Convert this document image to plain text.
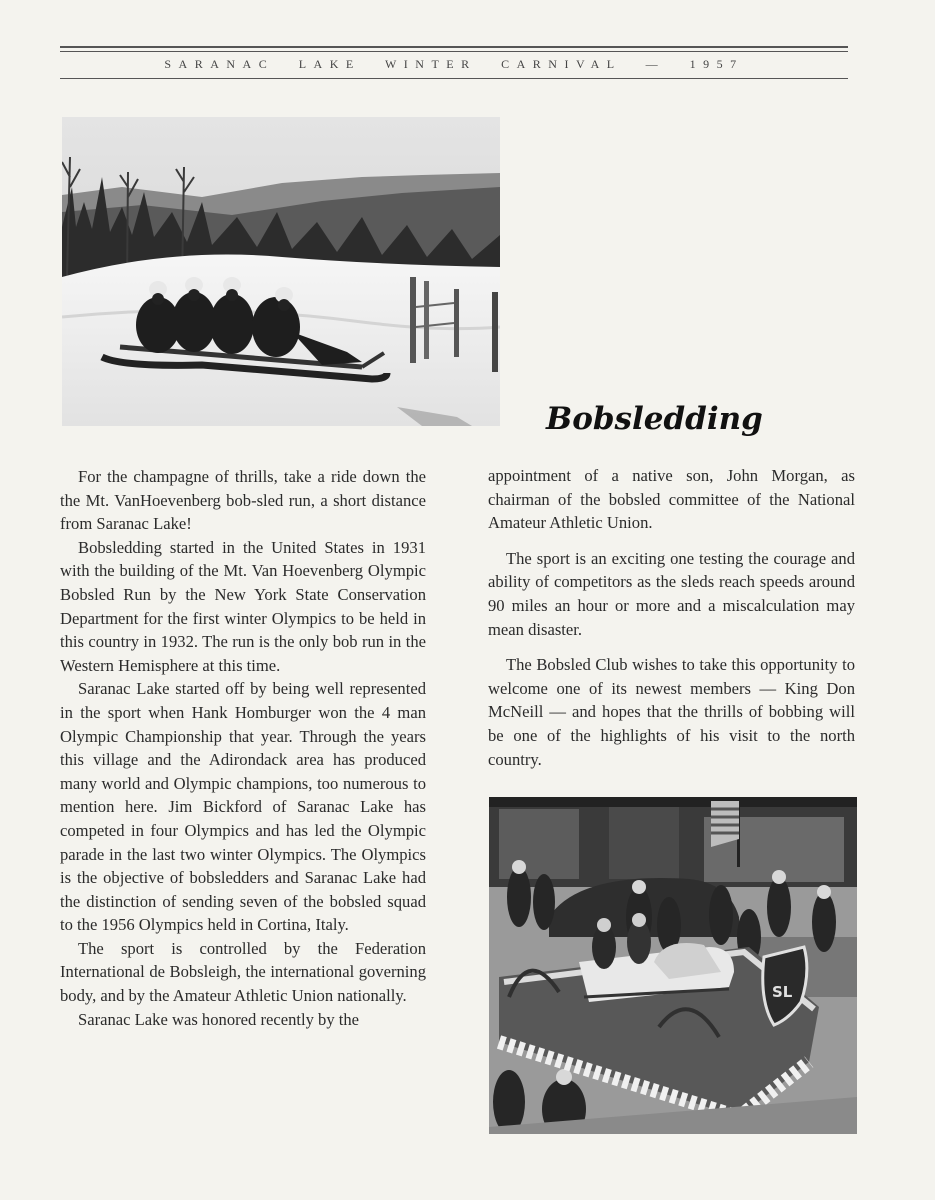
SARANAC LAKE WINTER CARNIVAL — 1957
Bobsledding

For the champagne of thrills, take a ride down the the Mt. VanHoevenberg bob-sled run, a short distance from Saranac Lake!

Bobsledding started in the United States in 1931 with the building of the Mt. Van Hoevenberg Olympic Bobsled Run by the New York State Conservation Department for the first winter Olympics to be held in this country in 1932. The run is the only bob run in the Western Hemisphere at this time.

Saranac Lake started off by being well represented in the sport when Hank Homburger won the 4 man Olympic Championship that year. Through the years this village and the Adirondack area has produced many world and Olympic champions, too numerous to mention here. Jim Bickford of Saranac Lake has competed in four Olympics and has led the Olympic parade in the last two winter Olympics. The Olympics is the objective of bobsledders and Saranac Lake had the distinction of sending seven of the bobsled squad to the 1956 Olympics held in Cortina, Italy.

The sport is controlled by the Federation International de Bobsleigh, the international governing body, and by the Amateur Athletic Union nationally.

Saranac Lake was honored recently by the

appointment of a native son, John Morgan, as chairman of the bobsled committee of the National Amateur Athletic Union.

The sport is an exciting one testing the courage and ability of competitors as the sleds reach speeds around 90 miles an hour or more and a miscalculation may mean disaster.

The Bobsled Club wishes to take this opportunity to welcome one of its newest members — King Don McNeill — and hopes that the thrills of bobbing will be one of the highlights of his visit to the north country.

SL
